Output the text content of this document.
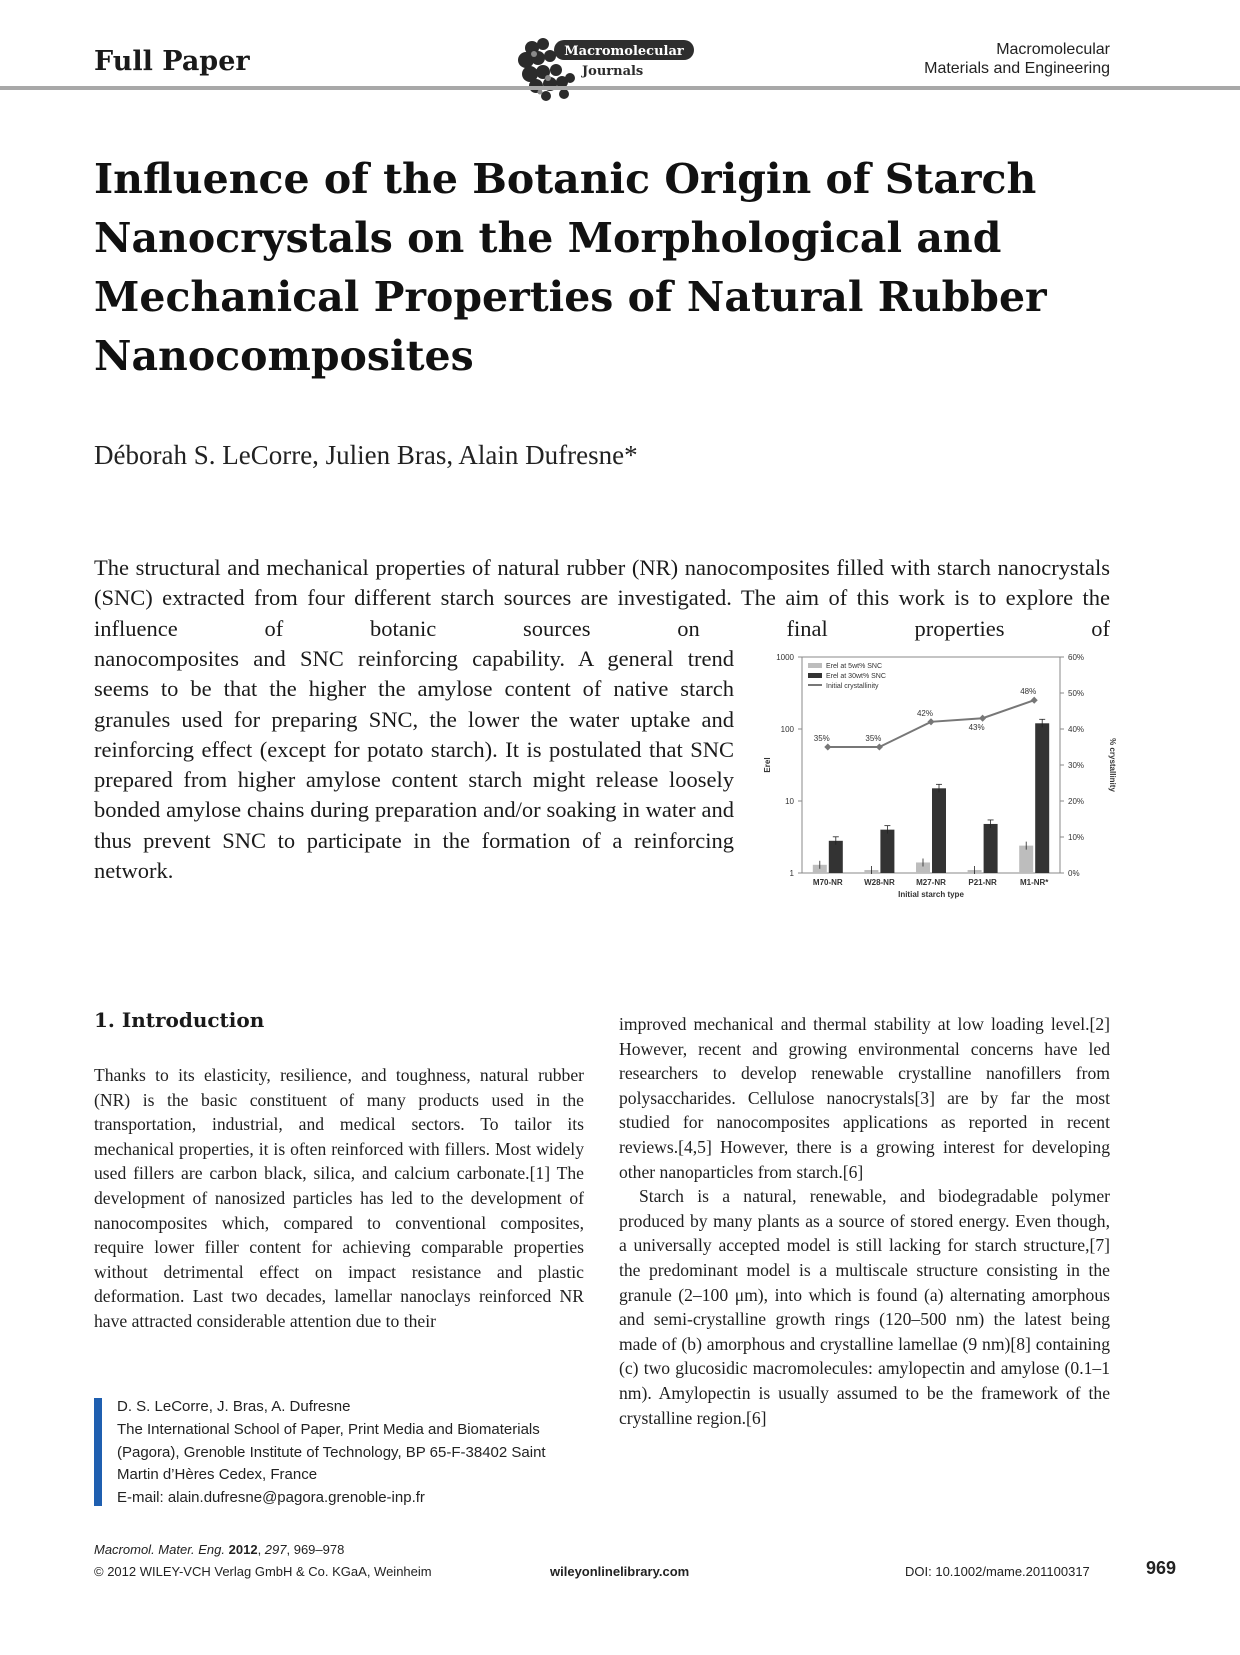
Full Paper	Macromolecular
Journals
Macromolecular
Materials and Engineering
Influence of the Botanic Origin of Starch Nanocrystals on the Morphological and Mechanical Properties of Natural Rubber Nanocomposites
Déborah S. LeCorre, Julien Bras, Alain Dufresne*
The structural and mechanical properties of natural rubber (NR) nanocomposites filled with starch nanocrystals (SNC) extracted from four different starch sources are investigated. The aim of this work is to explore the influence of botanic sources on final properties of
nanocomposites and SNC reinforcing capability. A general trend seems to be that the higher the amylose content of native starch granules used for preparing SNC, the lower the water uptake and reinforcing effect (except for potato starch). It is postulated that SNC prepared from higher amylose content starch might release loosely bonded amylose chains during preparation and/or soaking in water and thus prevent SNC to participate in the formation of a reinforcing network.	1
10
100
1000
0%
10%
20%
30%
40%
50%
60%
M70-NR	W28-NR	M27-NR	P21-NR	M1-NR*
35%	35%
42%
43%
48%
Initial starch type
Erel	% crystallinity
Erel at 5wt% SNC
Erel at 30wt% SNC
Initial crystallinity
1. Introduction

Thanks to its elasticity, resilience, and toughness, natural rubber (NR) is the basic constituent of many products used in the transportation, industrial, and medical sectors. To tailor its mechanical properties, it is often reinforced with fillers. Most widely used fillers are carbon black, silica, and calcium carbonate.[1] The development of nanosized particles has led to the development of nanocomposites which, compared to conventional composites, require lower filler content for achieving comparable properties without detrimental effect on impact resistance and plastic deformation. Last two decades, lamellar nanoclays reinforced NR have attracted considerable attention due to their

improved mechanical and thermal stability at low loading level.[2] However, recent and growing environmental concerns have led researchers to develop renewable crystalline nanofillers from polysaccharides. Cellulose nanocrystals[3] are by far the most studied for nanocomposites applications as reported in recent reviews.[4,5] However, there is a growing interest for developing other nanoparticles from starch.[6]

Starch is a natural, renewable, and biodegradable polymer produced by many plants as a source of stored energy. Even though, a universally accepted model is still lacking for starch structure,[7] the predominant model is a multiscale structure consisting in the granule (2–100 μm), into which is found (a) alternating amorphous and semi-crystalline growth rings (120–500 nm) the latest being made of (b) amorphous and crystalline lamellae (9 nm)[8] containing (c) two glucosidic macromolecules: amylopectin and amylose (0.1–1 nm). Amylopectin is usually assumed to be the framework of the crystalline region.[6]

D. S. LeCorre, J. Bras, A. Dufresne
The International School of Paper, Print Media and Biomaterials (Pagora), Grenoble Institute of Technology, BP 65-F-38402 Saint Martin d’Hères Cedex, France
E-mail: alain.dufresne@pagora.grenoble-inp.fr
Macromol. Mater. Eng. 2012, 297, 969–978
© 2012 WILEY-VCH Verlag GmbH & Co. KGaA, Weinheim	wileyonlinelibrary.com	DOI: 10.1002/mame.201100317	969
